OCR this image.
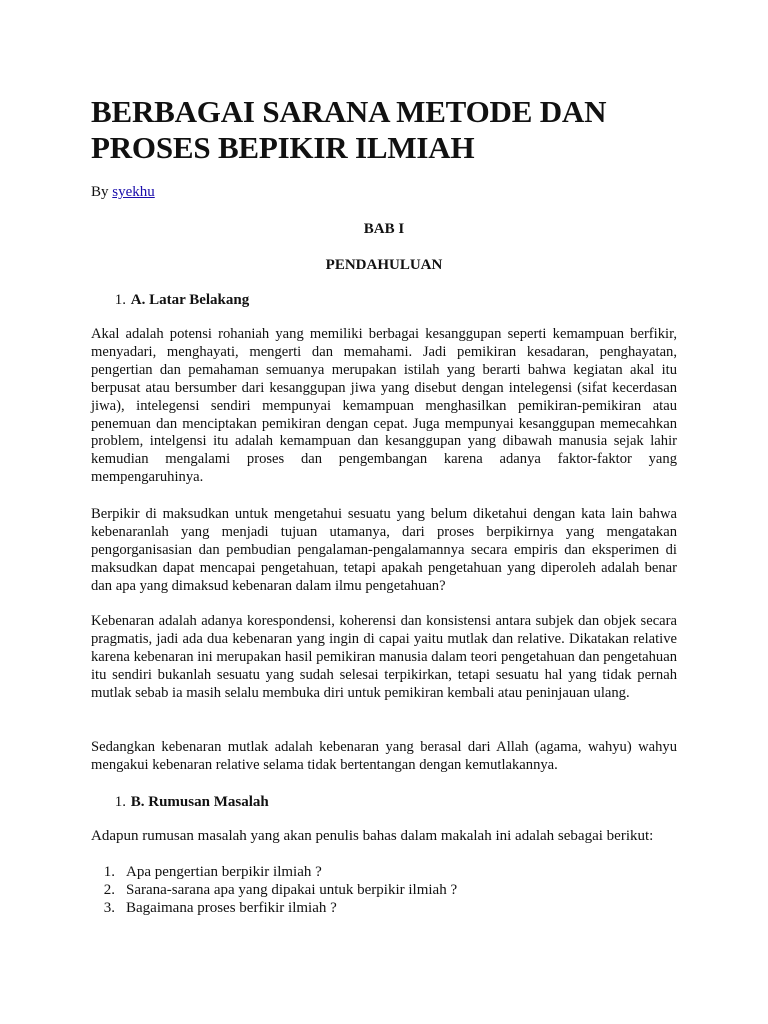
BERBAGAI SARANA METODE DAN PROSES BEPIKIR ILMIAH
By syekhu
BAB I
PENDAHULUAN
1. A. Latar Belakang

Akal adalah potensi rohaniah yang memiliki berbagai kesanggupan seperti kemampuan berfikir, menyadari, menghayati, mengerti dan memahami. Jadi pemikiran kesadaran, penghayatan, pengertian dan pemahaman semuanya merupakan istilah yang berarti bahwa kegiatan akal itu berpusat atau bersumber dari kesanggupan jiwa yang disebut dengan intelegensi (sifat kecerdasan jiwa), intelegensi sendiri mempunyai kemampuan menghasilkan pemikiran-pemikiran atau penemuan dan menciptakan pemikiran dengan cepat. Juga mempunyai kesanggupan memecahkan problem, intelgensi itu adalah kemampuan dan kesanggupan yang dibawah manusia sejak lahir kemudian mengalami proses dan pengembangan karena adanya faktor-faktor yang mempengaruhinya.

Berpikir di maksudkan untuk mengetahui sesuatu yang belum diketahui dengan kata lain bahwa kebenaranlah yang menjadi tujuan utamanya, dari proses berpikirnya yang mengatakan pengorganisasian dan pembudian pengalaman-pengalamannya secara empiris dan eksperimen di maksudkan dapat mencapai pengetahuan, tetapi apakah pengetahuan yang diperoleh adalah benar dan apa yang dimaksud kebenaran dalam ilmu pengetahuan?

Kebenaran adalah adanya korespondensi, koherensi dan konsistensi antara subjek dan objek secara pragmatis, jadi ada dua kebenaran yang ingin di capai yaitu mutlak dan relative. Dikatakan relative karena kebenaran ini merupakan hasil pemikiran manusia dalam teori pengetahuan dan pengetahuan itu sendiri bukanlah sesuatu yang sudah selesai terpikirkan, tetapi sesuatu hal yang tidak pernah mutlak sebab ia masih selalu membuka diri untuk pemikiran kembali atau peninjauan ulang.

Sedangkan kebenaran mutlak adalah kebenaran yang berasal dari Allah (agama, wahyu) wahyu mengakui kebenaran relative selama tidak bertentangan dengan kemutlakannya.

1. B. Rumusan Masalah

Adapun rumusan masalah yang akan penulis bahas dalam makalah ini adalah sebagai berikut:

1. Apa pengertian berpikir ilmiah ?
2. Sarana-sarana apa yang dipakai untuk berpikir ilmiah ?
3. Bagaimana proses berfikir ilmiah ?
